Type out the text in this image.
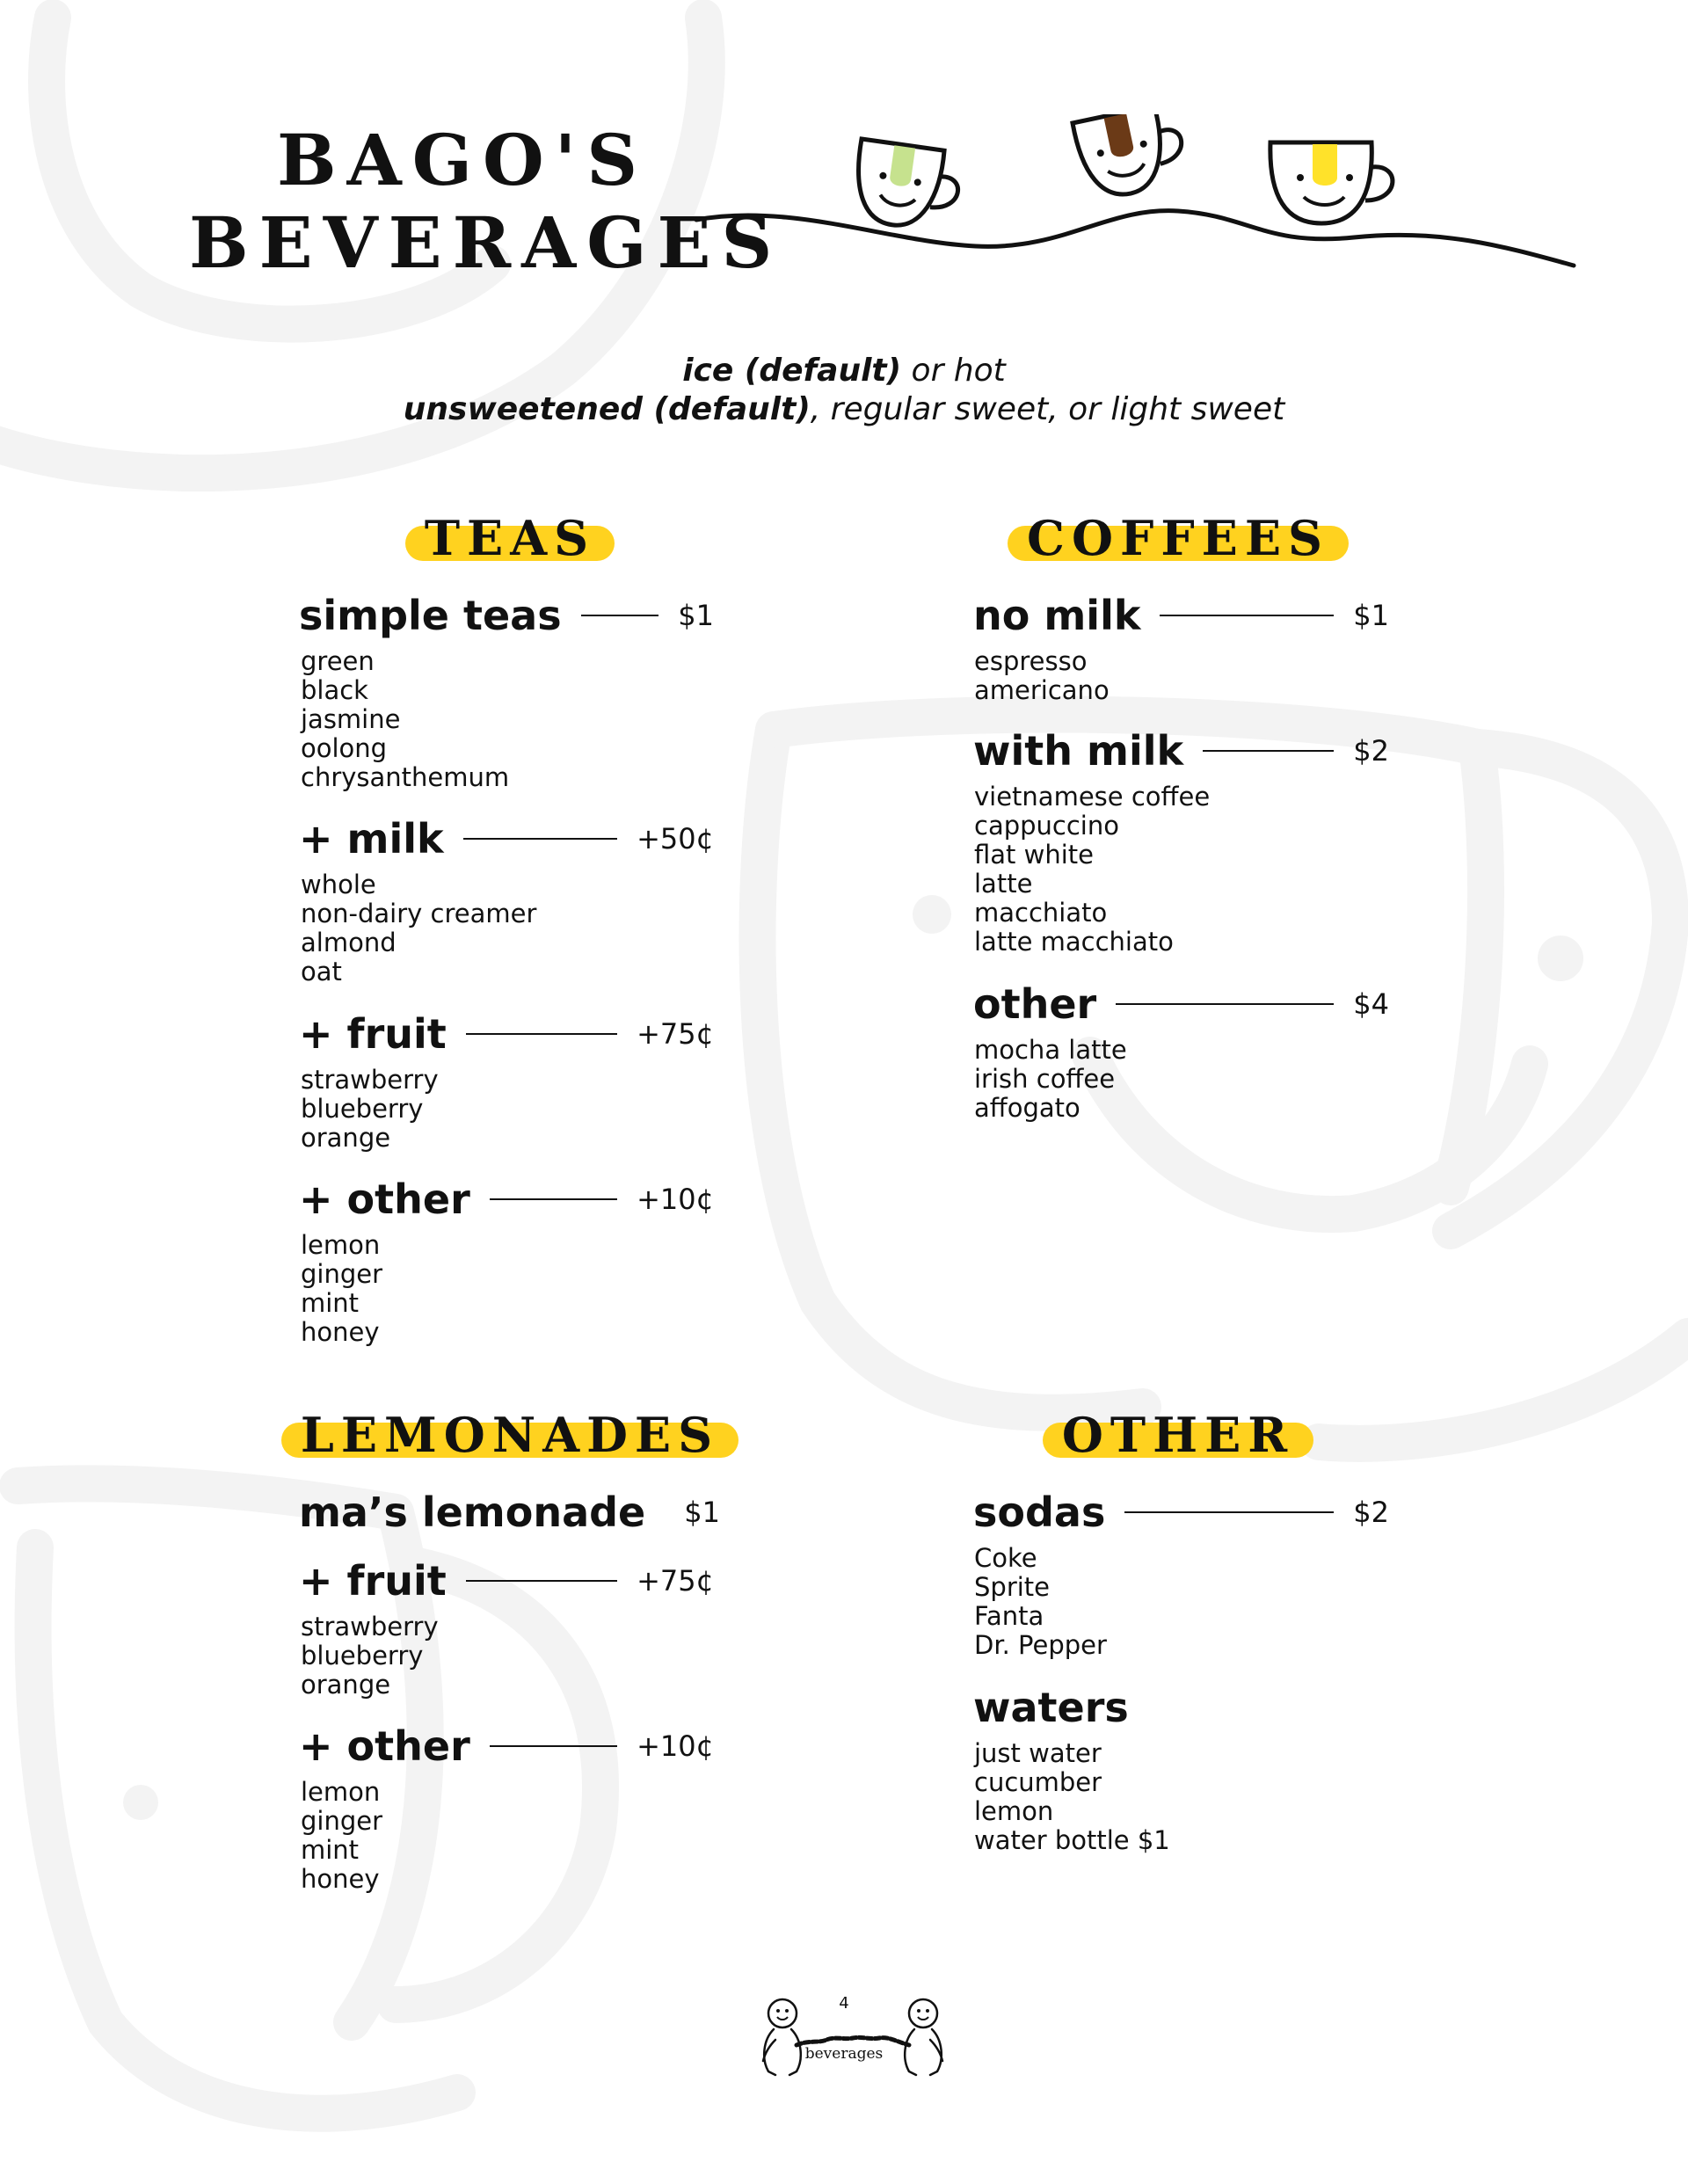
BAGO'S
BEVERAGES
ice (default) or hot
unsweetened (default), regular sweet, or light sweet
TEAS
simple teas	$1
green
black
jasmine
oolong
chrysanthemum
+ milk	+50¢
whole
non-dairy creamer
almond
oat
+ fruit	+75¢
strawberry
blueberry
orange
+ other	+10¢
lemon
ginger
mint
honey
COFFEES
no milk	$1
espresso
americano
with milk	$2
vietnamese coffee
cappuccino
flat white
latte
macchiato
latte macchiato
other	$4
mocha latte
irish coffee
affogato
LEMONADES
ma’s lemonade $1
+ fruit	+75¢
strawberry
blueberry
orange
+ other	+10¢
lemon
ginger
mint
honey
OTHER
sodas	$2
Coke
Sprite
Fanta
Dr. Pepper
waters
just water
cucumber
lemon
water bottle $1
4
beverages
